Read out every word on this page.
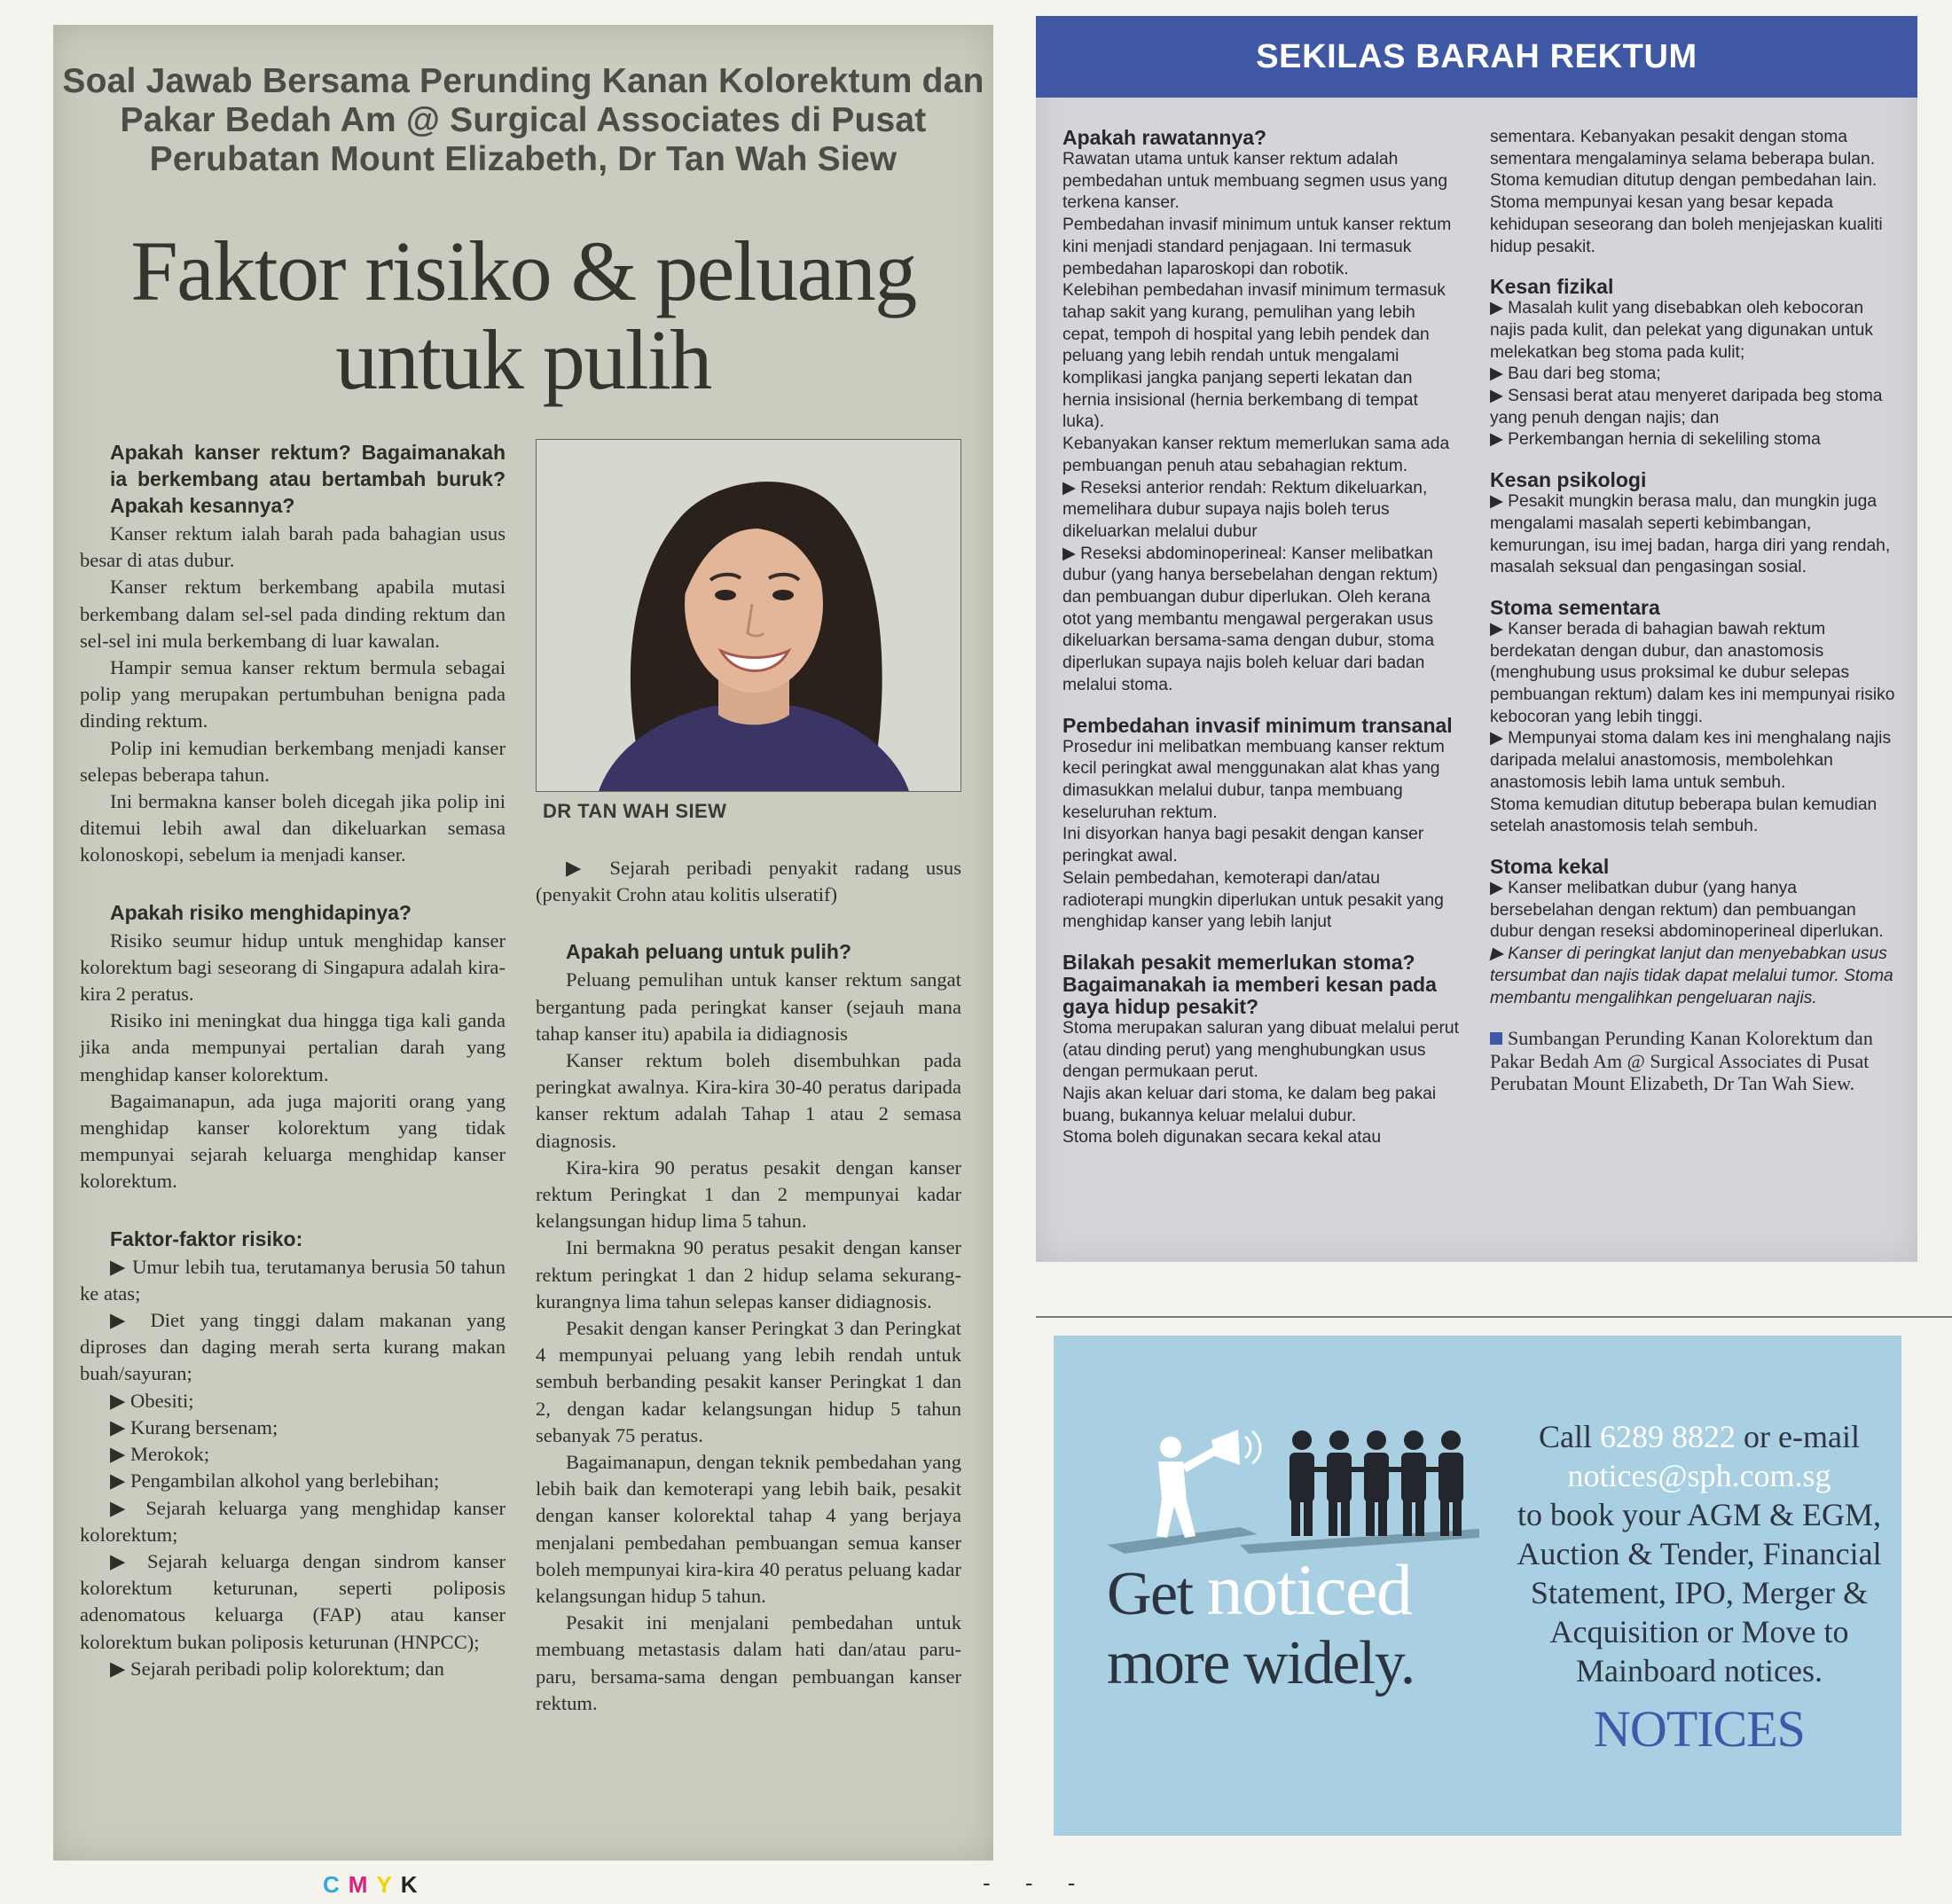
Soal Jawab Bersama Perunding Kanan Kolorektum dan
Pakar Bedah Am @ Surgical Associates di Pusat
Perubatan Mount Elizabeth, Dr Tan Wah Siew
Faktor risiko & peluang
untuk pulih

Apakah kanser rektum? Bagaimanakah ia berkembang atau bertambah buruk? Apakah kesannya?

Kanser rektum ialah barah pada bahagian usus besar di atas dubur.

Kanser rektum berkembang apabila mutasi berkembang dalam sel-sel pada dinding rektum dan sel-sel ini mula berkembang di luar kawalan.

Hampir semua kanser rektum bermula sebagai polip yang merupakan pertumbuhan benigna pada dinding rektum.

Polip ini kemudian berkembang menjadi kanser selepas beberapa tahun.

Ini bermakna kanser boleh dicegah jika polip ini ditemui lebih awal dan dikeluarkan semasa kolonoskopi, sebelum ia menjadi kanser.

Apakah risiko menghidapinya?

Risiko seumur hidup untuk menghidap kanser kolorektum bagi seseorang di Singapura adalah kira-kira 2 peratus.

Risiko ini meningkat dua hingga tiga kali ganda jika anda mempunyai pertalian darah yang menghidap kanser kolorektum.

Bagaimanapun, ada juga majoriti orang yang menghidap kanser kolorektum yang tidak mempunyai sejarah keluarga menghidap kanser kolorektum.

Faktor-faktor risiko:

▶ Umur lebih tua, terutamanya berusia 50 tahun ke atas;

▶ Diet yang tinggi dalam makanan yang diproses dan daging merah serta kurang makan buah/sayuran;

▶ Obesiti;

▶ Kurang bersenam;

▶ Merokok;

▶ Pengambilan alkohol yang berlebihan;

▶ Sejarah keluarga yang menghidap kanser kolorektum;

▶ Sejarah keluarga dengan sindrom kanser kolorektum keturunan, seperti poliposis adenomatous keluarga (FAP) atau kanser kolorektum bukan poliposis keturunan (HNPCC);

▶ Sejarah peribadi polip kolorektum; dan

DR TAN WAH SIEW

▶ Sejarah peribadi penyakit radang usus (penyakit Crohn atau kolitis ulseratif)

Apakah peluang untuk pulih?

Peluang pemulihan untuk kanser rektum sangat bergantung pada peringkat kanser (sejauh mana tahap kanser itu) apabila ia didiagnosis

Kanser rektum boleh disembuhkan pada peringkat awalnya. Kira-kira 30-40 peratus daripada kanser rektum adalah Tahap 1 atau 2 semasa diagnosis.

Kira-kira 90 peratus pesakit dengan kanser rektum Peringkat 1 dan 2 mempunyai kadar kelangsungan hidup lima 5 tahun.

Ini bermakna 90 peratus pesakit dengan kanser rektum peringkat 1 dan 2 hidup selama sekurang-kurangnya lima tahun selepas kanser didiagnosis.

Pesakit dengan kanser Peringkat 3 dan Peringkat 4 mempunyai peluang yang lebih rendah untuk sembuh berbanding pesakit kanser Peringkat 1 dan 2, dengan kadar kelangsungan hidup 5 tahun sebanyak 75 peratus.

Bagaimanapun, dengan teknik pembedahan yang lebih baik dan kemoterapi yang lebih baik, pesakit dengan kanser kolorektal tahap 4 yang berjaya menjalani pembedahan pembuangan semua kanser boleh mempunyai kira-kira 40 peratus peluang kadar kelangsungan hidup 5 tahun.

Pesakit ini menjalani pembedahan untuk membuang metastasis dalam hati dan/atau paru-paru, bersama-sama dengan pembuangan kanser rektum.

SEKILAS BARAH REKTUM

Apakah rawatannya?

Rawatan utama untuk kanser rektum adalah pembedahan untuk membuang segmen usus yang terkena kanser.

Pembedahan invasif minimum untuk kanser rektum kini menjadi standard penjagaan. Ini termasuk pembedahan laparoskopi dan robotik.

Kelebihan pembedahan invasif minimum termasuk tahap sakit yang kurang, pemulihan yang lebih cepat, tempoh di hospital yang lebih pendek dan peluang yang lebih rendah untuk mengalami komplikasi jangka panjang seperti lekatan dan hernia insisional (hernia berkembang di tempat luka).

Kebanyakan kanser rektum memerlukan sama ada pembuangan penuh atau sebahagian rektum.

▶ Reseksi anterior rendah: Rektum dikeluarkan, memelihara dubur supaya najis boleh terus dikeluarkan melalui dubur

▶ Reseksi abdominoperineal: Kanser melibatkan dubur (yang hanya bersebelahan dengan rektum) dan pembuangan dubur diperlukan. Oleh kerana otot yang membantu mengawal pergerakan usus dikeluarkan bersama-sama dengan dubur, stoma diperlukan supaya najis boleh keluar dari badan melalui stoma.

Pembedahan invasif minimum transanal

Prosedur ini melibatkan membuang kanser rektum kecil peringkat awal menggunakan alat khas yang dimasukkan melalui dubur, tanpa membuang keseluruhan rektum.

Ini disyorkan hanya bagi pesakit dengan kanser peringkat awal.

Selain pembedahan, kemoterapi dan/atau radioterapi mungkin diperlukan untuk pesakit yang menghidap kanser yang lebih lanjut

Bilakah pesakit memerlukan stoma? Bagaimanakah ia memberi kesan pada gaya hidup pesakit?

Stoma merupakan saluran yang dibuat melalui perut (atau dinding perut) yang menghubungkan usus dengan permukaan perut.

Najis akan keluar dari stoma, ke dalam beg pakai buang, bukannya keluar melalui dubur.

Stoma boleh digunakan secara kekal atau

sementara. Kebanyakan pesakit dengan stoma sementara mengalaminya selama beberapa bulan. Stoma kemudian ditutup dengan pembedahan lain.

Stoma mempunyai kesan yang besar kepada kehidupan seseorang dan boleh menjejaskan kualiti hidup pesakit.

Kesan fizikal

▶ Masalah kulit yang disebabkan oleh kebocoran najis pada kulit, dan pelekat yang digunakan untuk melekatkan beg stoma pada kulit;

▶ Bau dari beg stoma;

▶ Sensasi berat atau menyeret daripada beg stoma yang penuh dengan najis; dan

▶ Perkembangan hernia di sekeliling stoma

Kesan psikologi

▶ Pesakit mungkin berasa malu, dan mungkin juga mengalami masalah seperti kebimbangan, kemurungan, isu imej badan, harga diri yang rendah, masalah seksual dan pengasingan sosial.

Stoma sementara

▶ Kanser berada di bahagian bawah rektum berdekatan dengan dubur, dan anastomosis (menghubung usus proksimal ke dubur selepas pembuangan rektum) dalam kes ini mempunyai risiko kebocoran yang lebih tinggi.

▶ Mempunyai stoma dalam kes ini menghalang najis daripada melalui anastomosis, membolehkan anastomosis lebih lama untuk sembuh.

Stoma kemudian ditutup beberapa bulan kemudian setelah anastomosis telah sembuh.

Stoma kekal

▶ Kanser melibatkan dubur (yang hanya bersebelahan dengan rektum) dan pembuangan dubur dengan reseksi abdominoperineal diperlukan.

▶ Kanser di peringkat lanjut dan menyebabkan usus tersumbat dan najis tidak dapat melalui tumor. Stoma membantu mengalihkan pengeluaran najis.

Sumbangan Perunding Kanan Kolorektum dan Pakar Bedah Am @ Surgical Associates di Pusat Perubatan Mount Elizabeth, Dr Tan Wah Siew.

Get noticed
more widely.
Call 6289 8822 or e-mail
notices@sph.com.sg
to book your AGM & EGM, Auction & Tender, Financial Statement, IPO, Merger & Acquisition or Move to Mainboard notices.
NOTICES
CMYK	- - -
